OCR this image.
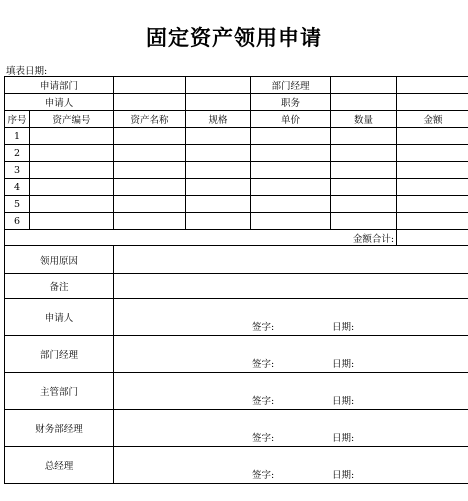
固定资产领用申请
填表日期:
申请部门				部门经理		
申请人				职务		
序号	资产编号	资产名称	规格	单价	数量	金额
1						
2						
3						
4						
5						
6						
金额合计:						
领用原因						
备注						
申请人		签字: 日期:				

部门经理		签字: 日期:				

主管部门		签字: 日期:				

财务部经理		签字: 日期:				

总经理		签字: 日期:				
